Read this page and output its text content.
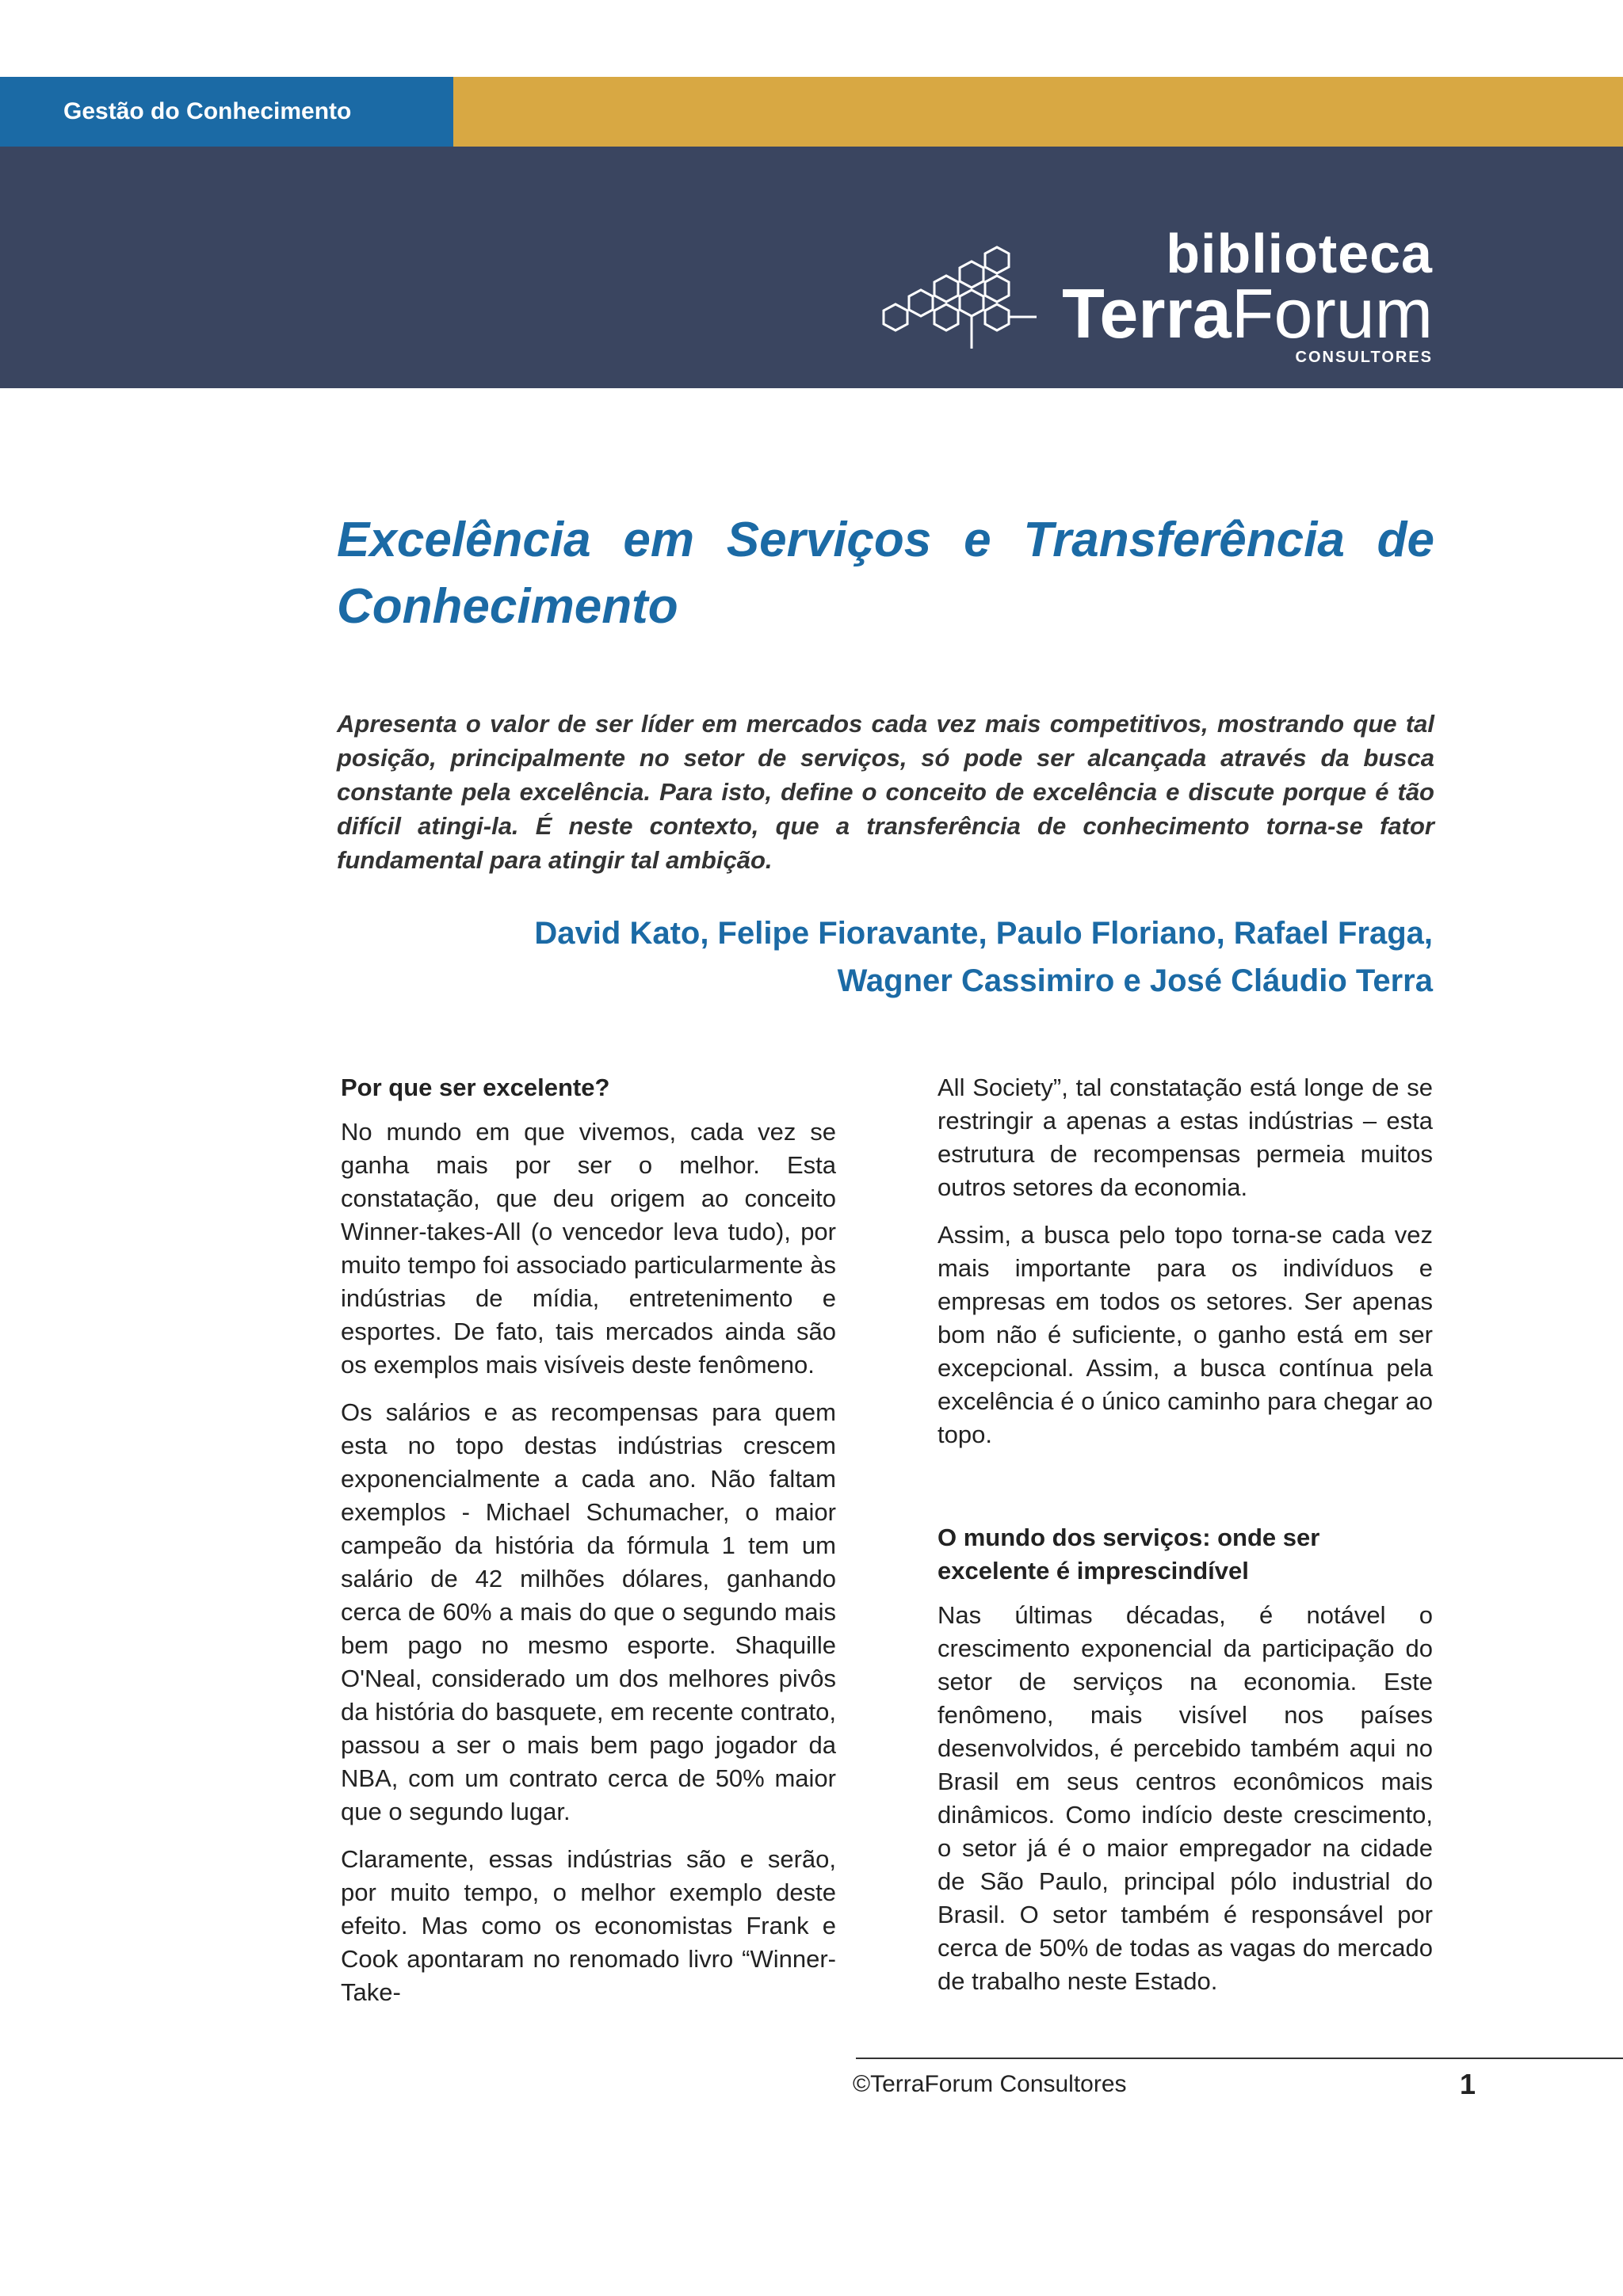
Gestão do Conhecimento
biblioteca
TerraForum
CONSULTORES
Excelência em Serviços e Transferência de Conhecimento

Apresenta o valor de ser líder em mercados cada vez mais competitivos, mostrando que tal posição, principalmente no setor de serviços, só pode ser alcançada através da busca constante pela excelência. Para isto, define o conceito de excelência e discute porque é tão difícil atingi-la. É neste contexto, que a transferência de conhecimento torna-se fator fundamental para atingir tal ambição.

David Kato, Felipe Fioravante, Paulo Floriano, Rafael Fraga,
Wagner Cassimiro e José Cláudio Terra
Por que ser excelente?

No mundo em que vivemos, cada vez se ganha mais por ser o melhor. Esta constatação, que deu origem ao conceito Winner-takes-All (o vencedor leva tudo), por muito tempo foi associado particularmente às indústrias de mídia, entretenimento e esportes. De fato, tais mercados ainda são os exemplos mais visíveis deste fenômeno.

Os salários e as recompensas para quem esta no topo destas indústrias crescem exponencialmente a cada ano. Não faltam exemplos - Michael Schumacher, o maior campeão da história da fórmula 1 tem um salário de 42 milhões dólares, ganhando cerca de 60% a mais do que o segundo mais bem pago no mesmo esporte. Shaquille O'Neal, considerado um dos melhores pivôs da história do basquete, em recente contrato, passou a ser o mais bem pago jogador da NBA, com um contrato cerca de 50% maior que o segundo lugar.

Claramente, essas indústrias são e serão, por muito tempo, o melhor exemplo deste efeito. Mas como os economistas Frank e Cook apontaram no renomado livro “Winner-Take-

All Society”, tal constatação está longe de se restringir a apenas a estas indústrias – esta estrutura de recompensas permeia muitos outros setores da economia.

Assim, a busca pelo topo torna-se cada vez mais importante para os indivíduos e empresas em todos os setores. Ser apenas bom não é suficiente, o ganho está em ser excepcional. Assim, a busca contínua pela excelência é o único caminho para chegar ao topo.

O mundo dos serviços: onde ser excelente é imprescindível

Nas últimas décadas, é notável o crescimento exponencial da participação do setor de serviços na economia. Este fenômeno, mais visível nos países desenvolvidos, é percebido também aqui no Brasil em seus centros econômicos mais dinâmicos. Como indício deste crescimento, o setor já é o maior empregador na cidade de São Paulo, principal pólo industrial do Brasil. O setor também é responsável por cerca de 50% de todas as vagas do mercado de trabalho neste Estado.

©TerraForum Consultores	1
